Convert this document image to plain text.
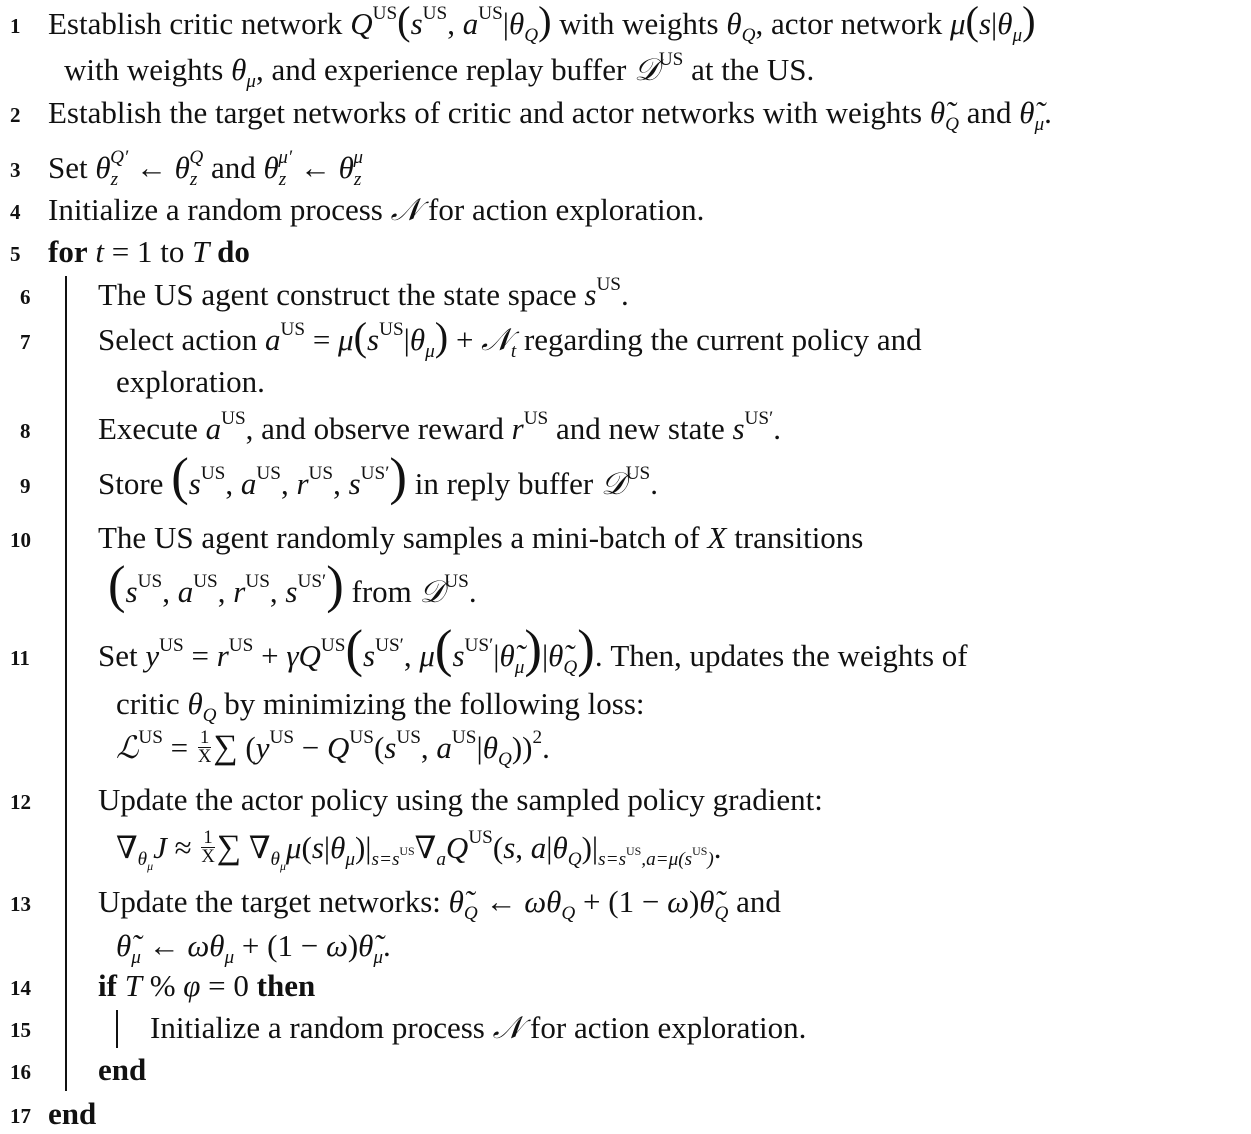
1 Establish critic network $Q^{US}(s^{US}$, $a^{US}|\theta_Q$) with weights $\theta_Q$, actor network $\mu(s|\theta_\mu)$
with weights $\theta_\mu$, and experience replay buffer 𝒟$^{US}$ at the US.
2 Establish the target networks of critic and actor networks with weights $\thetã_Q$ and $\thetã_\mu$.
3 Set $\theta_z^{Q'}$ ← $\theta_z^Q$ and $\theta_z^{\mu'}$ ← $\theta_z^\mu$
4 Initialize a random process 𝒩 for action exploration.
5 for t = 1 to T do
6	The US agent construct the state space $s^{US}$.
7	Select action $a^{US} = \mu(s^{US}|\theta_\mu)$ + 𝒩$_t$ regarding the current policy and
exploration.
8	Execute $a^{US}$, and observe reward $r^{US}$ and new state $s^{US'}$.
9	Store ($s^{US}$, $a^{US}$, $r^{US}$, $s^{US'}$) in reply buffer 𝒟$^{US}$.
10 The US agent randomly samples a mini-batch of X transitions
($s^{US}$, $a^{US}$, $r^{US}$, $s^{US'}$) from 𝒟$^{US}$.
11	Set $y^{US} = r^{US} + \gamma Q^{US}(s^{US'}$, $\mu(s^{US'}|\thetã_\mu)|\thetã_Q$). Then, updates the weights of
critic $\theta_Q$ by minimizing the following loss:
ℒ$^{US}$ = $\frac{1}{X}$ ∑ ($y^{US} - Q^{US}(s^{US}$, $a^{US}|\theta_Q))^2$.
12 Update the actor policy using the sampled policy gradient:
$\nabla_{\theta_\mu}J \approx \frac{1}{X}$ ∑ $\nabla_{\theta_\mu}\mu(s|\theta_\mu)|_{s=s^{US}}\nabla_aQ^{US}(s$, $a|\theta_Q)|_{s=s^{US},a=\mu(s^{US})}$.
13 Update the target networks: $\thetã_Q$ ← $\omega\theta_Q + (1$ − $\omega)\thetã_Q$ and
$\thetã_\mu$ ← $\omega\theta_\mu + (1$ − $\omega)\thetã_\mu$.
14 if T % φ = 0 then
15	Initialize a random process 𝒩 for action exploration.
16 end
17 end
